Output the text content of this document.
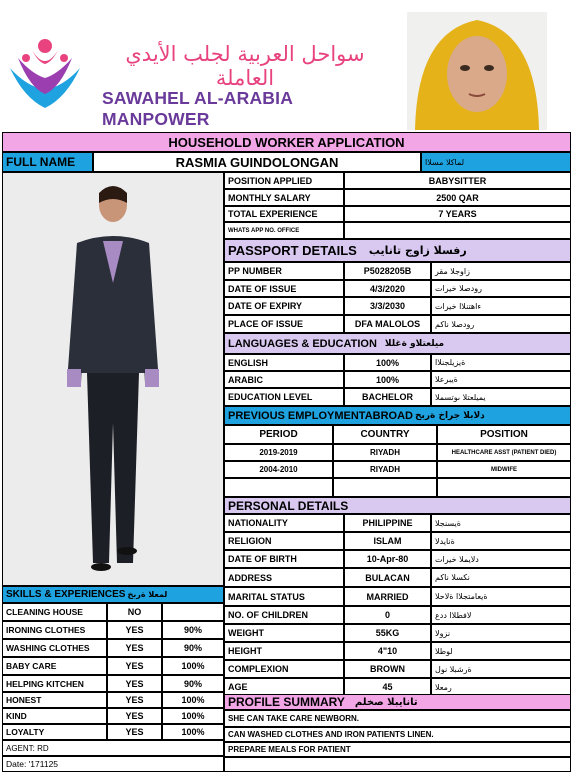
سواحل العربية لجلب الأيدي العاملة
SAWAHEL AL-ARABIA MANPOWER
HOUSEHOLD WORKER APPLICATION
FULL NAME	RASMIA GUINDOLONGAN	لماكلا مسلاا
POSITION APPLIED	BABYSITTER
MONTHLY SALARY	2500 QAR
TOTAL EXPERIENCE	7 YEARS
WHATS APP NO. OFFICE
PASSPORT DETAILS رفسلا زاوج تانايب
PP NUMBER	P5028205B	زاوجلا مقر
DATE OF ISSUE	4/3/2020	رودصلا خيرات
DATE OF EXPIRY	3/3/2030	ءاهتنلاا خيرات
PLACE OF ISSUE	DFA MALOLOS	رودصلا ناكم
LANGUAGES & EDUCATION ميلعتلاو ةغللا
ENGLISH	100%	ةيزيلجنلاا
ARABIC	100%	ةيبرعلا
EDUCATION LEVEL	BACHELOR	يميلعتلا ىوتسملا
PREVIOUS EMPLOYMENTABROAD دلابلا جراخ ةربخ
PERIOD	COUNTRY	POSITION
2019-2019	RIYADH	HEALTHCARE ASST (PATIENT DIED)
2004-2010	RIYADH	MIDWIFE
PERSONAL DETAILS
NATIONALITY	PHILIPPINE	ةيسنجلا
RELIGION	ISLAM	ةنايدلا
DATE OF BIRTH	10-Apr-80	دلايملا خيرات
ADDRESS	BULACAN	نكسلا ناكم
MARITAL STATUS	MARRIED	ةيعامتجلاا ةلاحلا
NO. OF CHILDREN	0	لافطلاا ددع
WEIGHT	55KG	نزولا
HEIGHT	4"10	لوطلا
COMPLEXION	BROWN	ةرشبلا نول
AGE	45	رمعلا
PROFILE SUMMARY تانايبلا صخلم
SHE CAN TAKE CARE NEWBORN.
CAN WASHED CLOTHES AND IRON PATIENTS LINEN.
PREPARE MEALS FOR PATIENT
SKILLS & EXPERIENCES لمعلا ةربخ
CLEANING HOUSE	NO
IRONING CLOTHES	YES	90%
WASHING CLOTHES	YES	90%
BABY CARE	YES	100%
HELPING KITCHEN	YES	90%
HONEST	YES	100%
KIND	YES	100%
LOYALTY	YES	100%
AGENT: RD
Date: '171125
